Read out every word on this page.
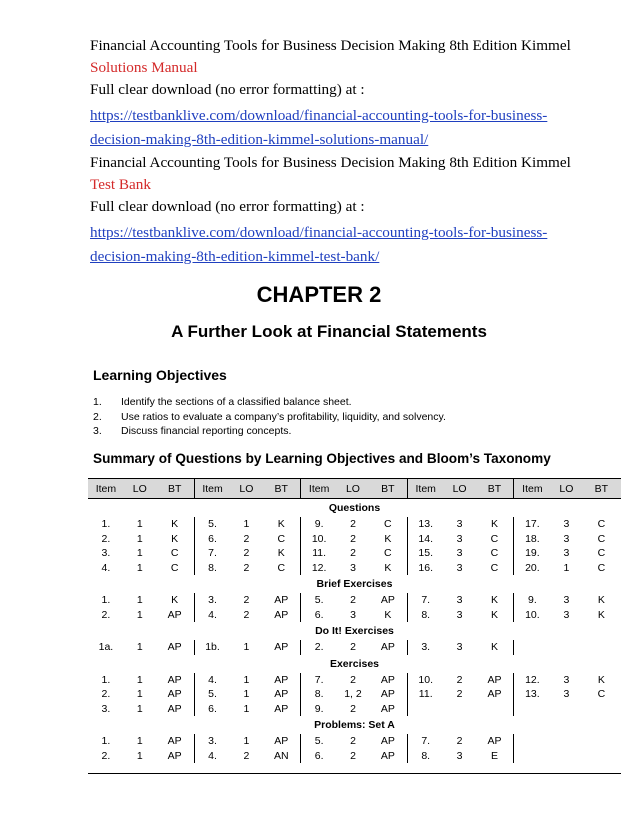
Financial Accounting Tools for Business Decision Making 8th Edition Kimmel
Solutions Manual
Full clear download (no error formatting) at :
https://testbanklive.com/download/financial-accounting-tools-for-business-
decision-making-8th-edition-kimmel-solutions-manual/
Financial Accounting Tools for Business Decision Making 8th Edition Kimmel
Test Bank
Full clear download (no error formatting) at :
https://testbanklive.com/download/financial-accounting-tools-for-business-
decision-making-8th-edition-kimmel-test-bank/
CHAPTER 2
A Further Look at Financial Statements
Learning Objectives
1.	Identify the sections of a classified balance sheet.
2.	Use ratios to evaluate a company’s profitability, liquidity, and solvency.
3.	Discuss financial reporting concepts.
Summary of Questions by Learning Objectives and Bloom’s Taxonomy
Item	LO	BT	Item	LO	BT	Item	LO	BT	Item	LO	BT	Item	LO	BT
Questions
1.	1	K	5.	1	K	9.	2	C	13.	3	K	17.	3	C
2.	1	K	6.	2	C	10.	2	K	14.	3	C	18.	3	C
3.	1	C	7.	2	K	11.	2	C	15.	3	C	19.	3	C
4.	1	C	8.	2	C	12.	3	K	16.	3	C	20.	1	C
Brief Exercises
1.	1	K	3.	2	AP	5.	2	AP	7.	3	K	9.	3	K
2.	1	AP	4.	2	AP	6.	3	K	8.	3	K	10.	3	K
Do It! Exercises
1a.	1	AP	1b.	1	AP	2.	2	AP	3.	3	K
Exercises
1.	1	AP	4.	1	AP	7.	2	AP	10.	2	AP	12.	3	K
2.	1	AP	5.	1	AP	8.	1, 2	AP	11.	2	AP	13.	3	C
3.	1	AP	6.	1	AP	9.	2	AP
Problems: Set A
1.	1	AP	3.	1	AP	5.	2	AP	7.	2	AP
2.	1	AP	4.	2	AN	6.	2	AP	8.	3	E
